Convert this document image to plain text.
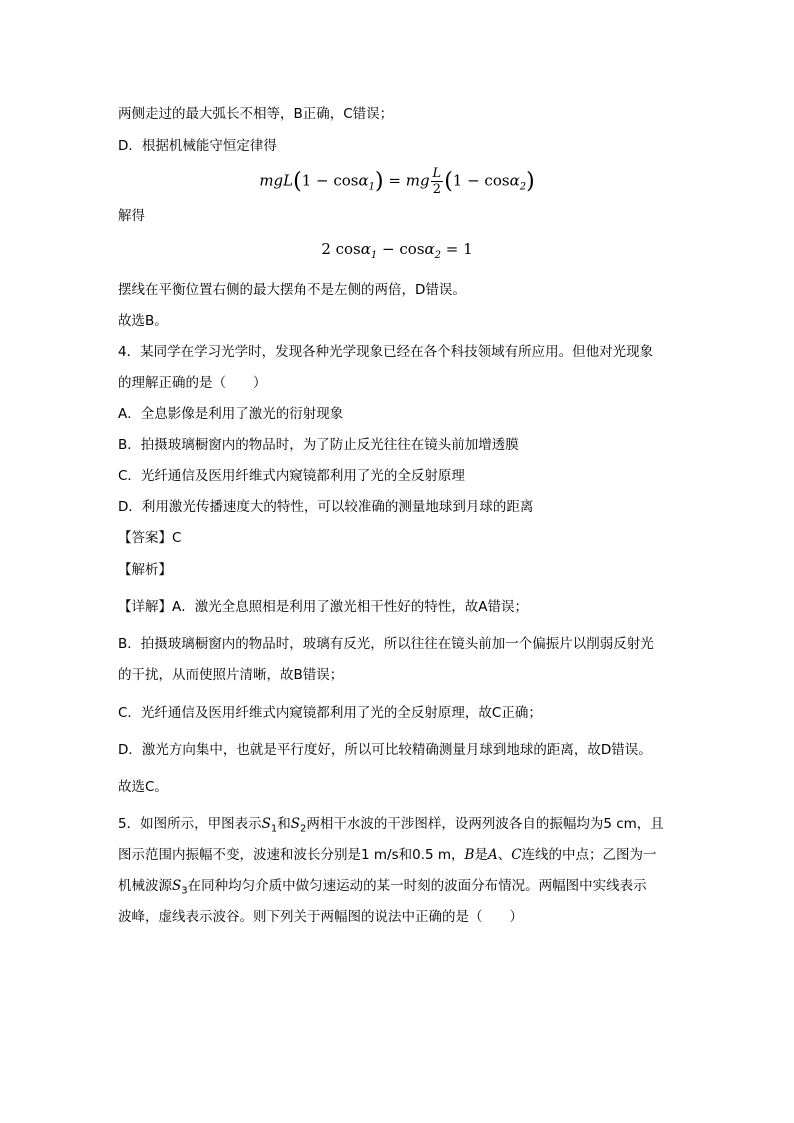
两侧走过的最大弧长不相等，B正确，C错误；
D．根据机械能守恒定律得
mgL(1 − cosα$_1$) = mg $\frac{L}{2} (1 - \cos\alpha_2)$
解得
2 cosα$_1$ − cosα$_2$ = 1
摆线在平衡位置右侧的最大摆角不是左侧的两倍，D错误。
故选B。
4．某同学在学习光学时，发现各种光学现象已经在各个科技领域有所应用。但他对光现象
的理解正确的是（　　）
A．全息影像是利用了激光的衍射现象
B．拍摄玻璃橱窗内的物品时，为了防止反光往往在镜头前加增透膜
C．光纤通信及医用纤维式内窥镜都利用了光的全反射原理
D．利用激光传播速度大的特性，可以较准确的测量地球到月球的距离
【答案】C
【解析】
【详解】A．激光全息照相是利用了激光相干性好的特性，故A错误；
B．拍摄玻璃橱窗内的物品时，玻璃有反光，所以往往在镜头前加一个偏振片以削弱反射光
的干扰，从而使照片清晰，故B错误；
C．光纤通信及医用纤维式内窥镜都利用了光的全反射原理，故C正确；
D．激光方向集中，也就是平行度好，所以可比较精确测量月球到地球的距离，故D错误。
故选C。
5．如图所示，甲图表示$S_1$和$S_2$两相干水波的干涉图样，设两列波各自的振幅均为5 cm，且
图示范围内振幅不变，波速和波长分别是1 m/s和0.5 m，B是A、C连线的中点；乙图为一
机械波源$S_3$在同种均匀介质中做匀速运动的某一时刻的波面分布情况。两幅图中实线表示
波峰，虚线表示波谷。则下列关于两幅图的说法中正确的是（　　）
